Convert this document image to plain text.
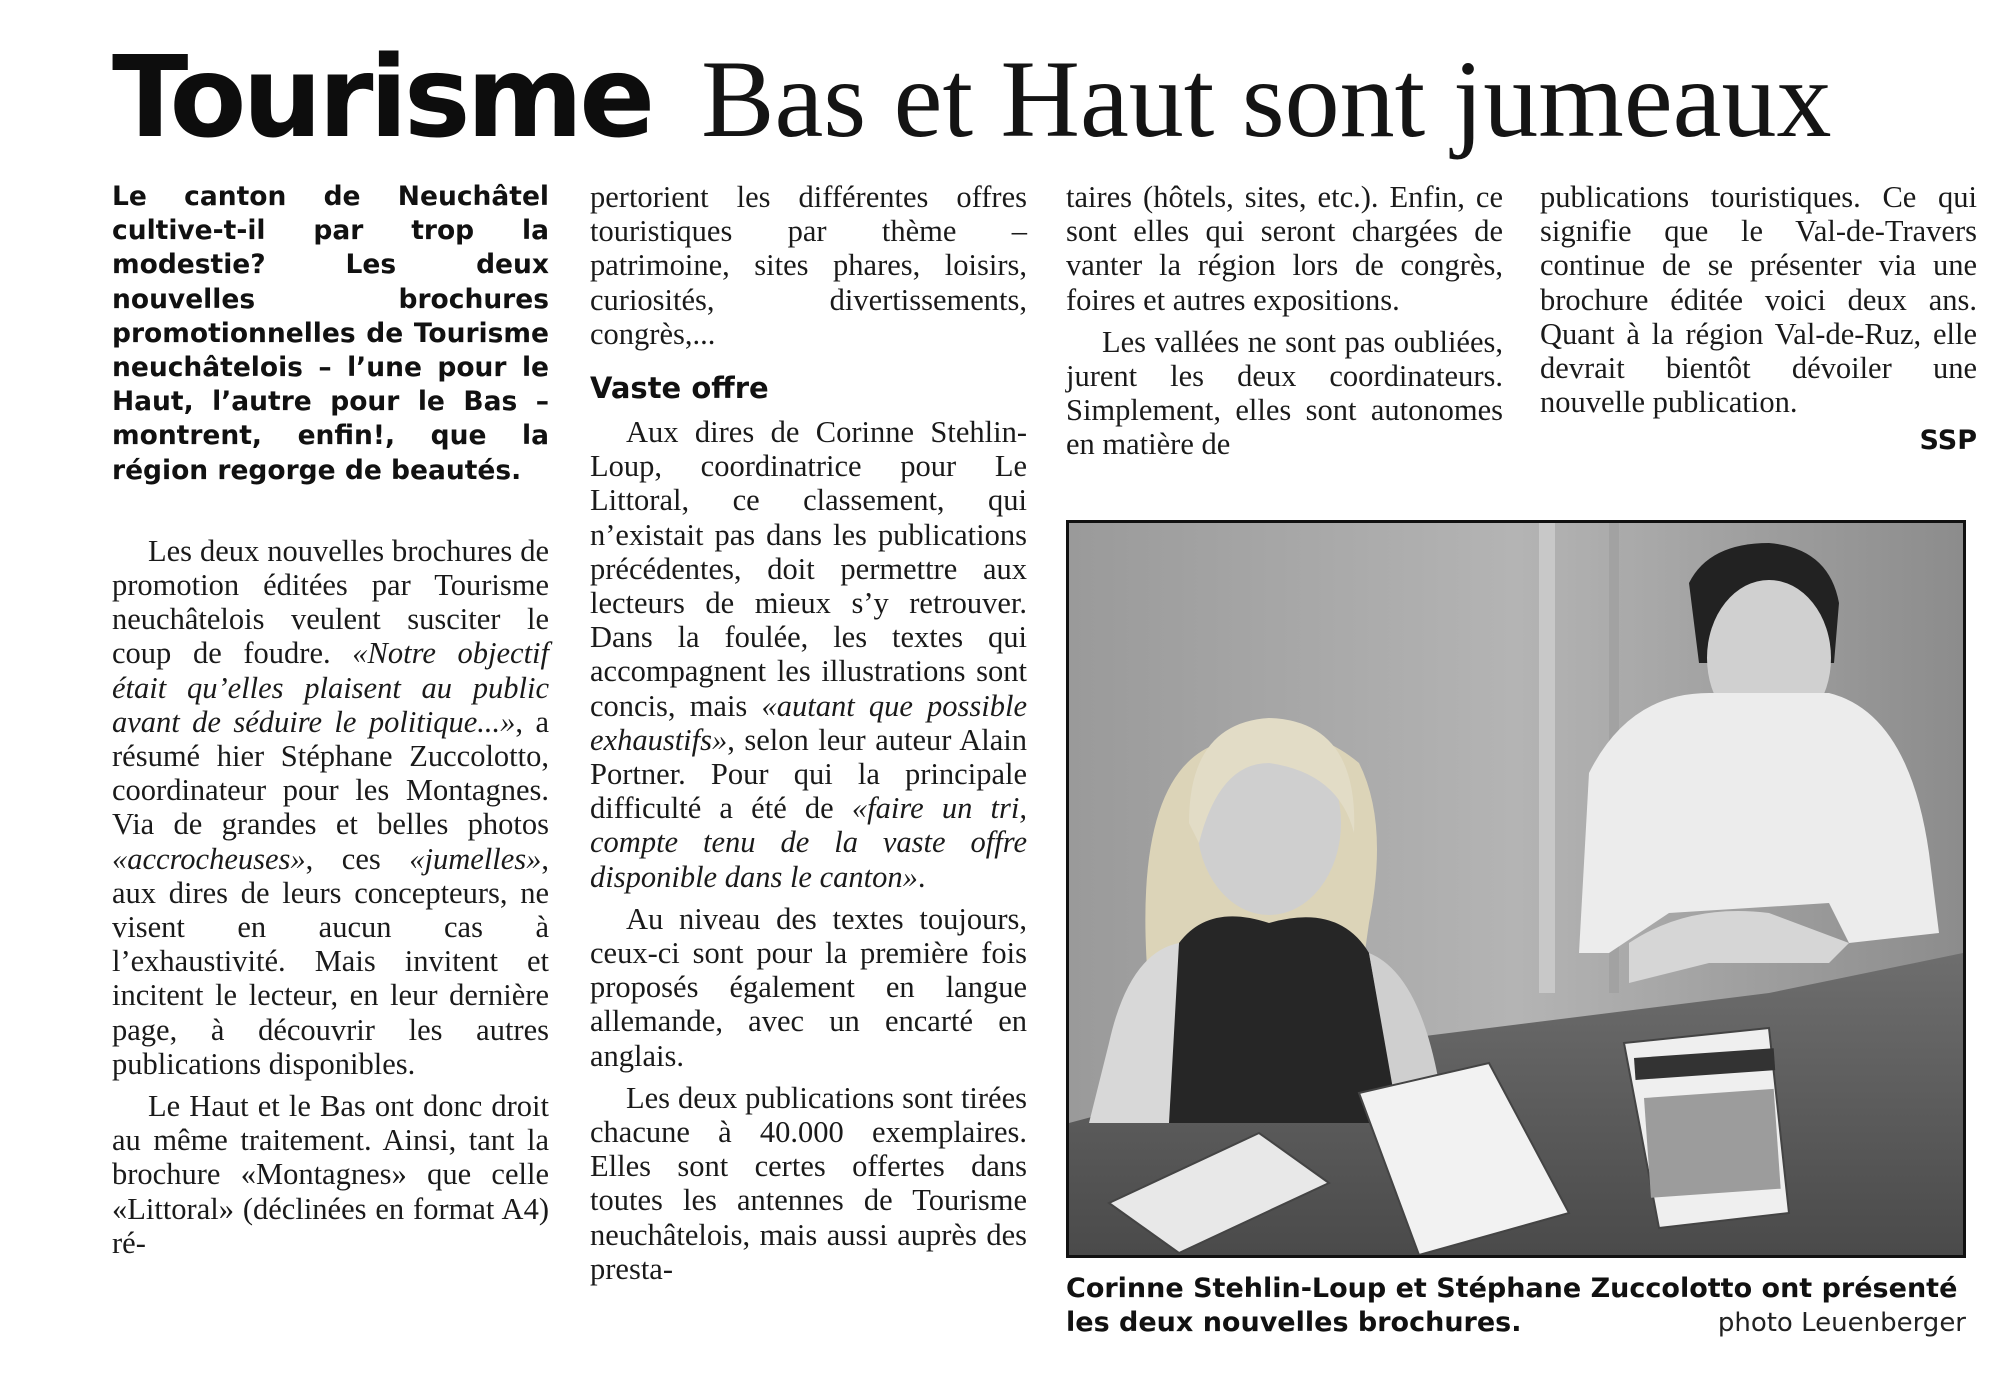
Tourisme Bas et Haut sont jumeaux

Le canton de Neuchâtel cultive-t-il par trop la modestie? Les deux nouvelles brochures promotionnelles de Tourisme neuchâtelois – l’une pour le Haut, l’autre pour le Bas – montrent, enfin!, que la région regorge de beautés.

Les deux nouvelles brochures de promotion éditées par Tourisme neuchâtelois veulent susciter le coup de foudre. «Notre objectif était qu’elles plaisent au public avant de séduire le politique...», a résumé hier Stéphane Zuccolotto, coordinateur pour les Montagnes. Via de grandes et belles photos «accrocheuses», ces «jumelles», aux dires de leurs concepteurs, ne visent en aucun cas à l’exhaustivité. Mais invitent et incitent le lecteur, en leur dernière page, à découvrir les autres publications disponibles.

Le Haut et le Bas ont donc droit au même traitement. Ainsi, tant la brochure «Montagnes» que celle «Littoral» (déclinées en format A4) ré-

pertorient les différentes offres touristiques par thème – patrimoine, sites phares, loisirs, curiosités, divertissements, congrès,...

Vaste offre

Aux dires de Corinne Stehlin-Loup, coordinatrice pour Le Littoral, ce classement, qui n’existait pas dans les publications précédentes, doit permettre aux lecteurs de mieux s’y retrouver. Dans la foulée, les textes qui accompagnent les illustrations sont concis, mais «autant que possible exhaustifs», selon leur auteur Alain Portner. Pour qui la principale difficulté a été de «faire un tri, compte tenu de la vaste offre disponible dans le canton».

Au niveau des textes toujours, ceux-ci sont pour la première fois proposés également en langue allemande, avec un encarté en anglais.

Les deux publications sont tirées chacune à 40.000 exemplaires. Elles sont certes offertes dans toutes les antennes de Tourisme neuchâtelois, mais aussi auprès des presta-

taires (hôtels, sites, etc.). Enfin, ce sont elles qui seront chargées de vanter la région lors de congrès, foires et autres expositions.

Les vallées ne sont pas oubliées, jurent les deux coordinateurs. Simplement, elles sont autonomes en matière de

publications touristiques. Ce qui signifie que le Val-de-Travers continue de se présenter via une brochure éditée voici deux ans. Quant à la région Val-de-Ruz, elle devrait bientôt dévoiler une nouvelle publication.

SSP
Corinne Stehlin-Loup et Stéphane Zuccolotto ont présenté les deux nouvelles brochures.	photo Leuenberger
